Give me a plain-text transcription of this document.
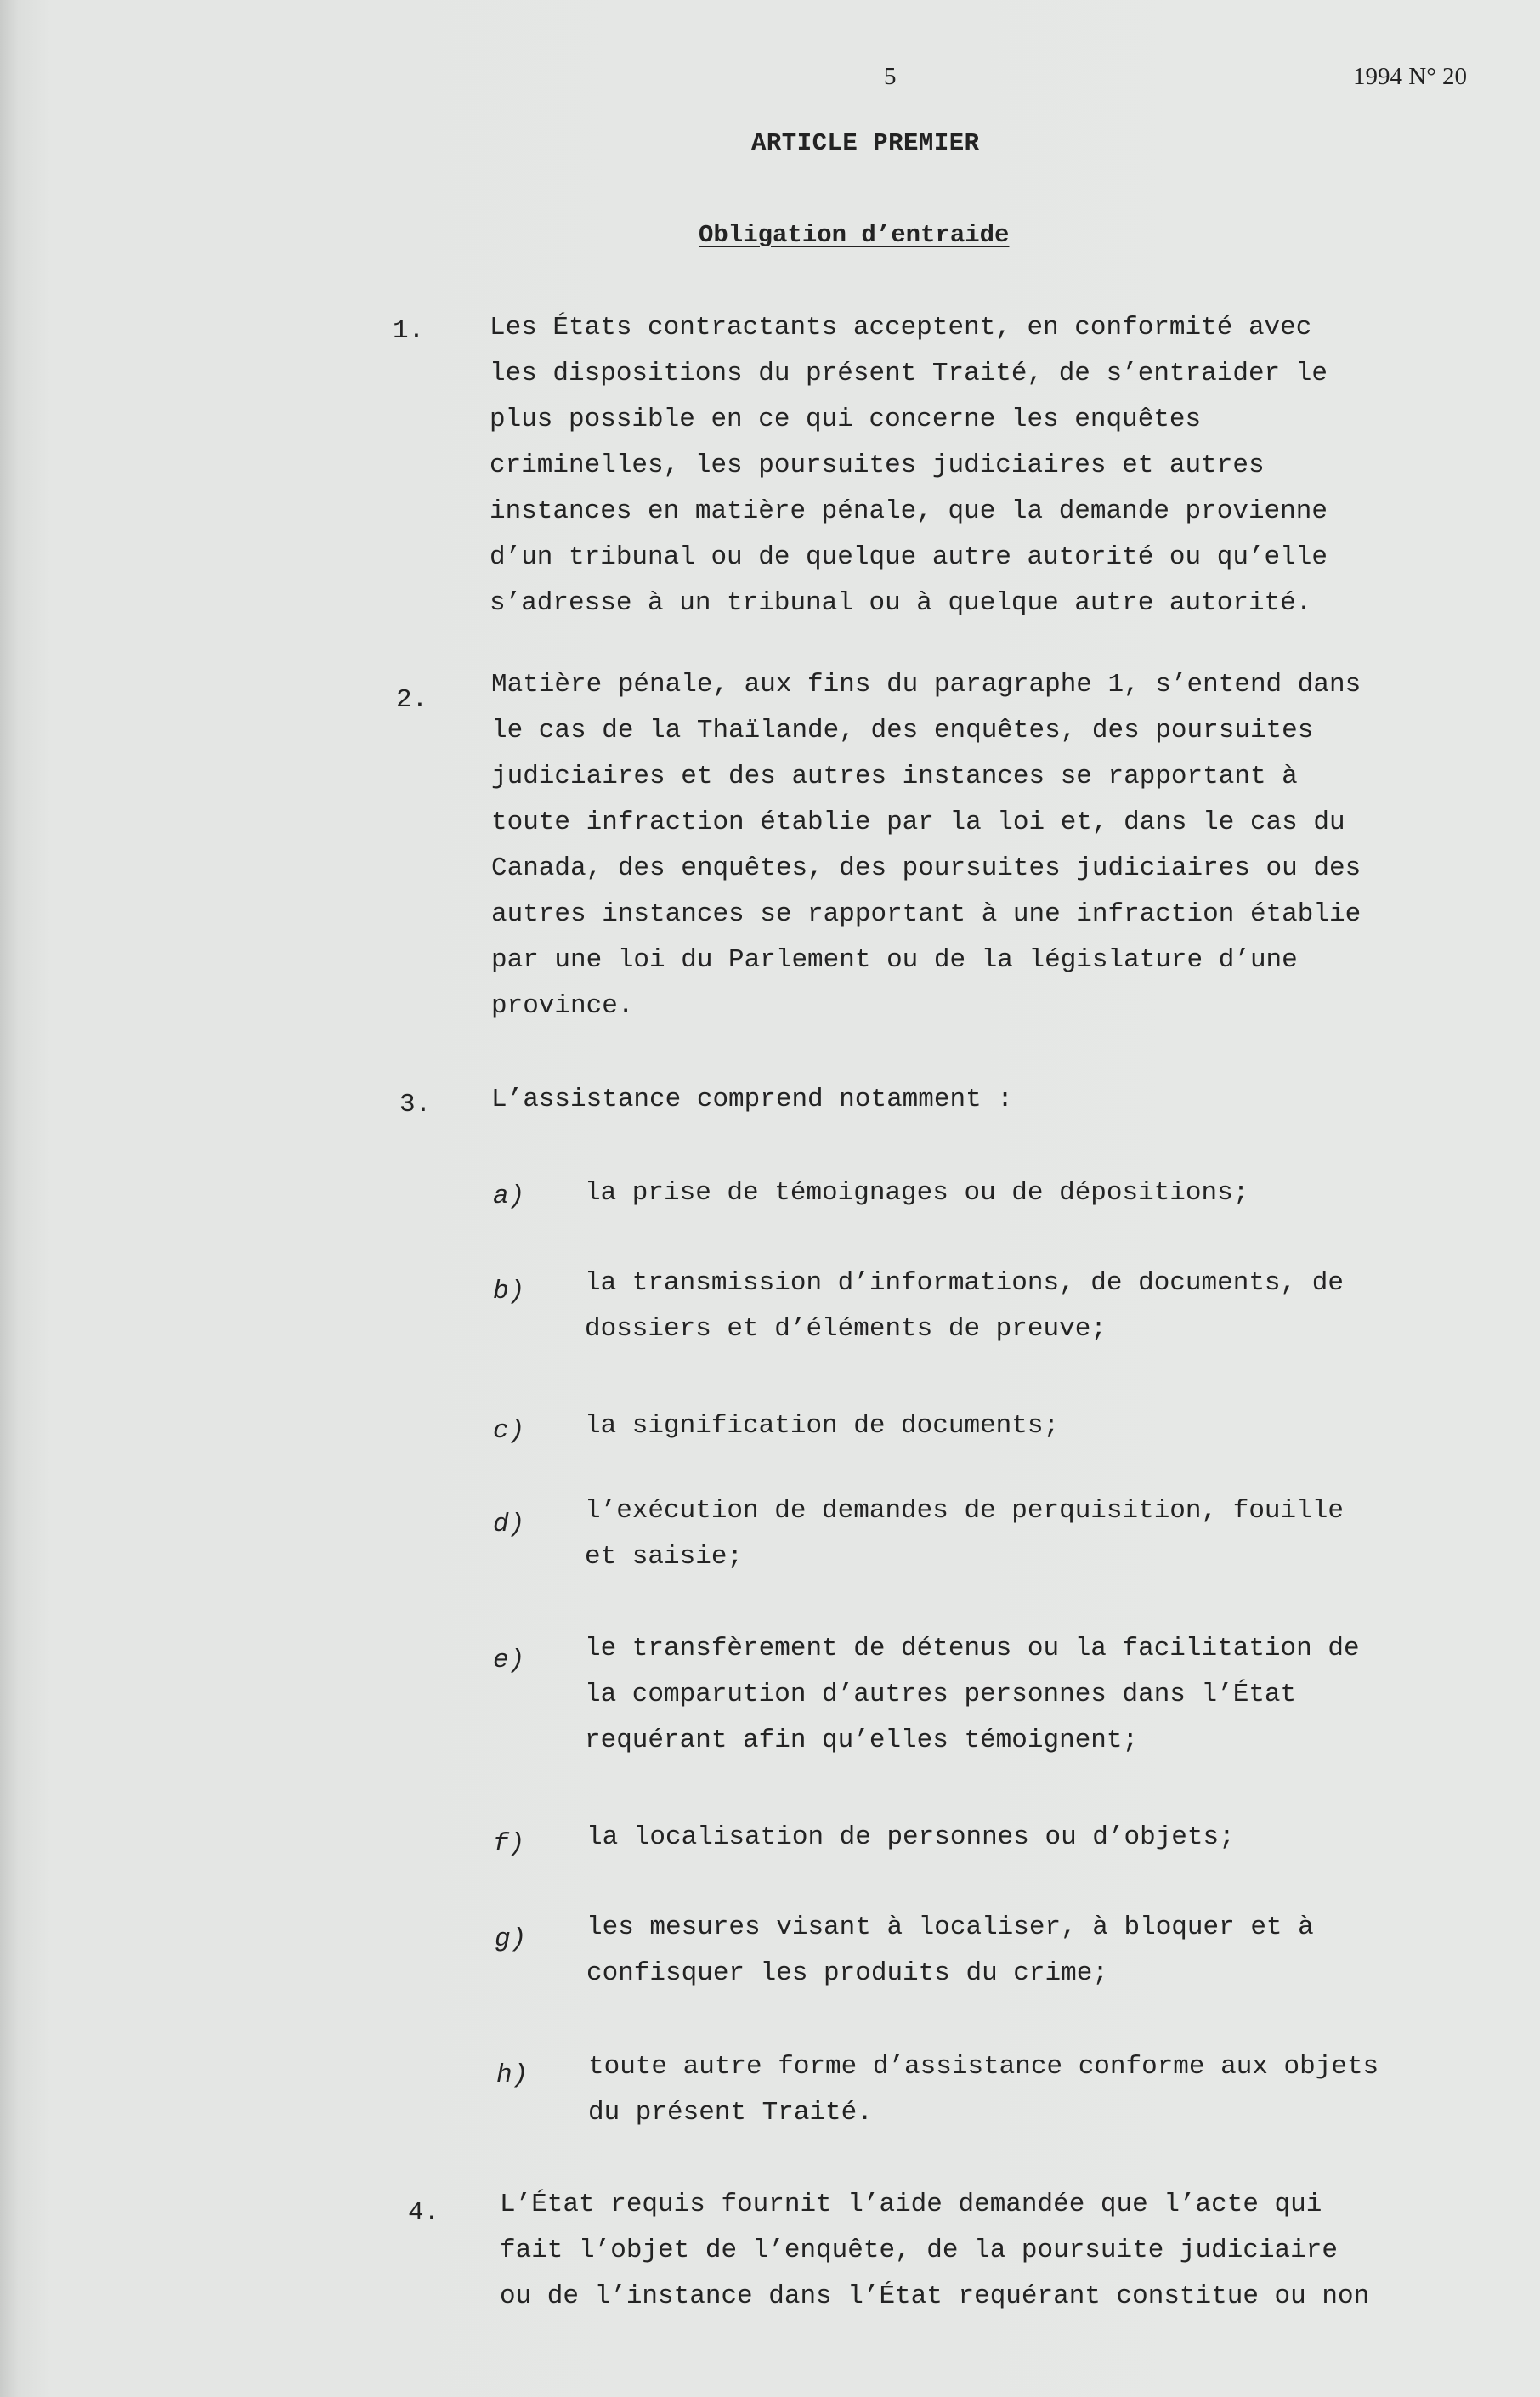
5	1994 N° 20
ARTICLE PREMIER
Obligation d’entraide
1. Les États contractants acceptent, en conformité avec
les dispositions du présent Traité, de s’entraider le
plus possible en ce qui concerne les enquêtes
criminelles, les poursuites judiciaires et autres
instances en matière pénale, que la demande provienne
d’un tribunal ou de quelque autre autorité ou qu’elle
s’adresse à un tribunal ou à quelque autre autorité.
2.
Matière pénale, aux fins du paragraphe 1, s’entend dans
le cas de la Thaïlande, des enquêtes, des poursuites
judiciaires et des autres instances se rapportant à
toute infraction établie par la loi et, dans le cas du
Canada, des enquêtes, des poursuites judiciaires ou des
autres instances se rapportant à une infraction établie
par une loi du Parlement ou de la législature d’une
province.
3. L’assistance comprend notamment :
a) la prise de témoignages ou de dépositions;
b) la transmission d’informations, de documents, de
dossiers et d’éléments de preuve;
c) la signification de documents;
d) l’exécution de demandes de perquisition, fouille
et saisie;
e) le transfèrement de détenus ou la facilitation de
la comparution d’autres personnes dans l’État
requérant afin qu’elles témoignent;
f) la localisation de personnes ou d’objets;
g) les mesures visant à localiser, à bloquer et à
confisquer les produits du crime;
h) toute autre forme d’assistance conforme aux objets
du présent Traité.
4. L’État requis fournit l’aide demandée que l’acte qui
fait l’objet de l’enquête, de la poursuite judiciaire
ou de l’instance dans l’État requérant constitue ou non
